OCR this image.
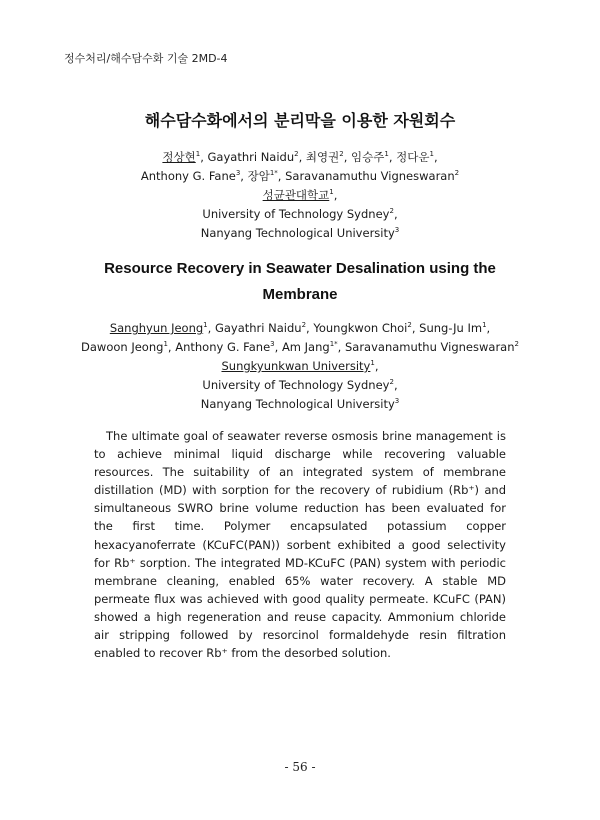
정수처리/해수담수화 기술 2MD-4
해수담수화에서의 분리막을 이용한 자원회수
정상현$^1$, Gayathri Naidu$^2$, 최영권$^2$, 임승주$^1$, 정다운$^1$,
Anthony G. Fane$^3$, 장암$^{1*}$, Saravanamuthu Vigneswaran$^2$
성균관대학교$^1$,
University of Technology Sydney$^2$,
Nanyang Technological University$^3$
Resource Recovery in Seawater Desalination using the
Membrane
Sanghyun Jeong$^1$, Gayathri Naidu$^2$, Youngkwon Choi$^2$, Sung-Ju Im$^1$,
Dawoon Jeong$^1$, Anthony G. Fane$^3$, Am Jang$^{1*}$, Saravanamuthu Vigneswaran$^2$
Sungkyunkwan University$^1$,
University of Technology Sydney$^2$,
Nanyang Technological University$^3$

The ultimate goal of seawater reverse osmosis brine management is to achieve minimal liquid discharge while recovering valuable resources. The suitability of an integrated system of membrane distillation (MD) with sorption for the recovery of rubidium (Rb⁺) and simultaneous SWRO brine volume reduction has been evaluated for the first time. Polymer encapsulated potassium copper hexacyanoferrate (KCuFC(PAN)) sorbent exhibited a good selectivity for Rb⁺ sorption. The integrated MD-KCuFC (PAN) system with periodic membrane cleaning, enabled 65% water recovery. A stable MD permeate flux was achieved with good quality permeate. KCuFC (PAN) showed a high regeneration and reuse capacity. Ammonium chloride air stripping followed by resorcinol formaldehyde resin filtration enabled to recover Rb⁺ from the desorbed solution.

- 56 -
